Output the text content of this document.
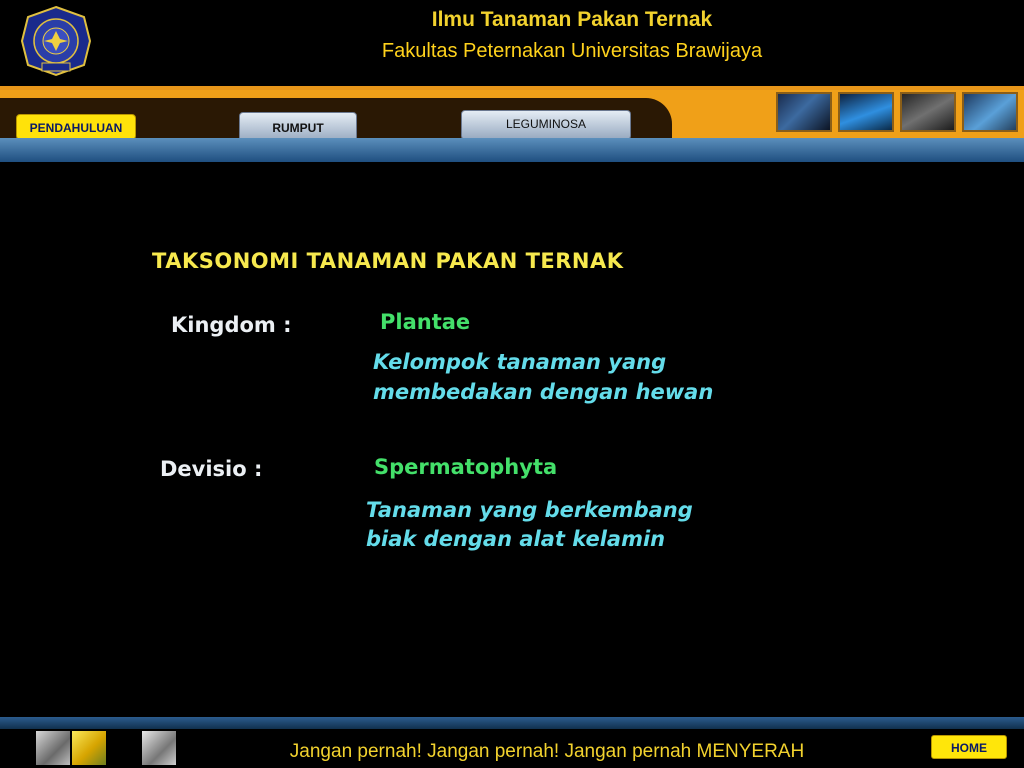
Ilmu Tanaman Pakan Ternak
Fakultas Peternakan Universitas Brawijaya
PENDAHULUAN	RUMPUT	LEGUMINOSA
TAKSONOMI TANAMAN PAKAN TERNAK
Kingdom :	Plantae
Kelompok tanaman yang
membedakan dengan hewan
Devisio :	Spermatophyta
Tanaman yang berkembang
biak dengan alat kelamin
Jangan pernah! Jangan pernah! Jangan pernah MENYERAH	HOME
